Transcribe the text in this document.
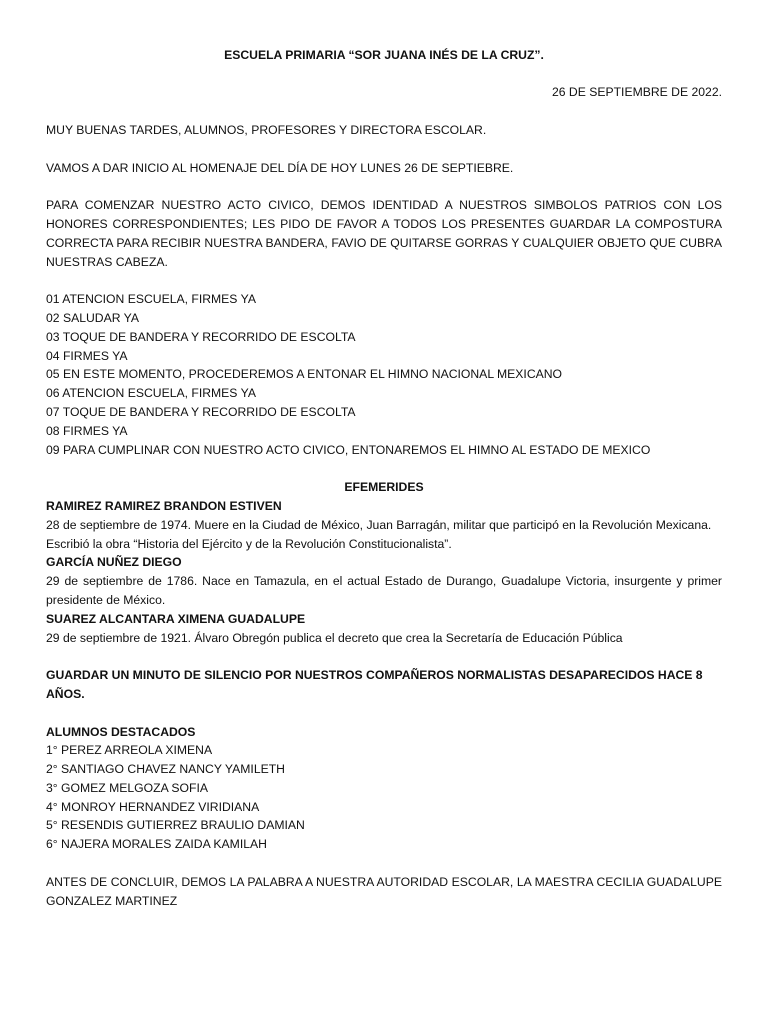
ESCUELA PRIMARIA “SOR JUANA INÉS DE LA CRUZ”.
26 DE SEPTIEMBRE DE 2022.

MUY BUENAS TARDES, ALUMNOS, PROFESORES Y DIRECTORA ESCOLAR.

VAMOS A DAR INICIO AL HOMENAJE DEL DÍA DE HOY LUNES 26 DE SEPTIEBRE.

PARA COMENZAR NUESTRO ACTO CIVICO, DEMOS IDENTIDAD A NUESTROS SIMBOLOS PATRIOS CON LOS HONORES CORRESPONDIENTES; LES PIDO DE FAVOR A TODOS LOS PRESENTES GUARDAR LA COMPOSTURA CORRECTA PARA RECIBIR NUESTRA BANDERA, FAVIO DE QUITARSE GORRAS Y CUALQUIER OBJETO QUE CUBRA NUESTRAS CABEZA.

01 ATENCION ESCUELA, FIRMES YA
02 SALUDAR YA
03 TOQUE DE BANDERA Y RECORRIDO DE ESCOLTA
04 FIRMES YA
05 EN ESTE MOMENTO, PROCEDEREMOS A ENTONAR EL HIMNO NACIONAL MEXICANO
06 ATENCION ESCUELA, FIRMES YA
07 TOQUE DE BANDERA Y RECORRIDO DE ESCOLTA
08 FIRMES YA
09 PARA CUMPLINAR CON NUESTRO ACTO CIVICO, ENTONAREMOS EL HIMNO AL ESTADO DE MEXICO
EFEMERIDES
RAMIREZ RAMIREZ BRANDON ESTIVEN
28 de septiembre de 1974. Muere en la Ciudad de México, Juan Barragán, militar que participó en la Revolución Mexicana. Escribió la obra “Historia del Ejército y de la Revolución Constitucionalista”.
GARCÍA NUÑEZ DIEGO
29 de septiembre de 1786. Nace en Tamazula, en el actual Estado de Durango, Guadalupe Victoria, insurgente y primer presidente de México.
SUAREZ ALCANTARA XIMENA GUADALUPE
29 de septiembre de 1921. Álvaro Obregón publica el decreto que crea la Secretaría de Educación Pública
GUARDAR UN MINUTO DE SILENCIO POR NUESTROS COMPAÑEROS NORMALISTAS DESAPARECIDOS HACE 8 AÑOS.
ALUMNOS DESTACADOS
1° PEREZ ARREOLA XIMENA
2° SANTIAGO CHAVEZ NANCY YAMILETH
3° GOMEZ MELGOZA SOFIA
4° MONROY HERNANDEZ VIRIDIANA
5° RESENDIS GUTIERREZ BRAULIO DAMIAN
6° NAJERA MORALES ZAIDA KAMILAH

ANTES DE CONCLUIR, DEMOS LA PALABRA A NUESTRA AUTORIDAD ESCOLAR, LA MAESTRA CECILIA GUADALUPE GONZALEZ MARTINEZ
